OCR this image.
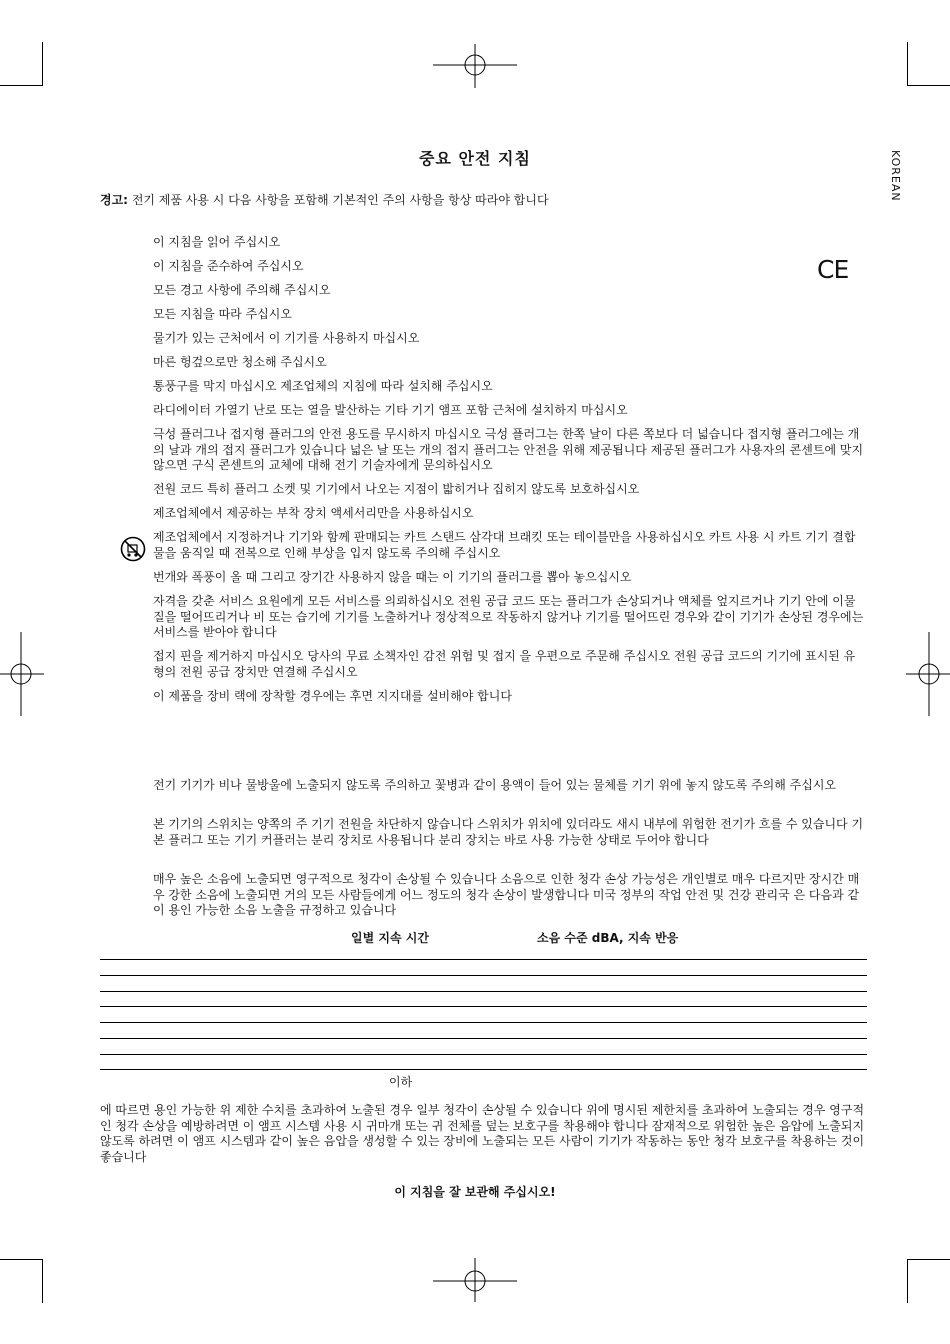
중요 안전 지침	KOREAN
경고: 전기 제품 사용 시 다음 사항을 포함해 기본적인 주의 사항을 항상 따라야 합니다
CE
이 지침을 읽어 주십시오
이 지침을 준수하여 주십시오
모든 경고 사항에 주의해 주십시오
모든 지침을 따라 주십시오
물기가 있는 근처에서 이 기기를 사용하지 마십시오
마른 헝겊으로만 청소해 주십시오
통풍구를 막지 마십시오 제조업체의 지침에 따라 설치해 주십시오
라디에이터 가열기 난로 또는 열을 발산하는 기타 기기 앰프 포함 근처에 설치하지 마십시오
극성 플러그나 접지형 플러그의 안전 용도를 무시하지 마십시오 극성 플러그는 한쪽 날이 다른 쪽보다 더 넓습니다 접지형 플러그에는 개의 날과 개의 접지 플러그가 있습니다 넓은 날 또는 개의 접지 플러그는 안전을 위해 제공됩니다 제공된 플러그가 사용자의 콘센트에 맞지 않으면 구식 콘센트의 교체에 대해 전기 기술자에게 문의하십시오
전원 코드 특히 플러그 소켓 및 기기에서 나오는 지점이 밟히거나 집히지 않도록 보호하십시오
제조업체에서 제공하는 부착 장치 액세서리만을 사용하십시오
제조업체에서 지정하거나 기기와 함께 판매되는 카트 스탠드 삼각대 브래킷 또는 테이블만을 사용하십시오 카트 사용 시 카트 기기 결합물을 움직일 때 전복으로 인해 부상을 입지 않도록 주의해 주십시오
번개와 폭풍이 올 때 그리고 장기간 사용하지 않을 때는 이 기기의 플러그를 뽑아 놓으십시오
자격을 갖춘 서비스 요원에게 모든 서비스를 의뢰하십시오 전원 공급 코드 또는 플러그가 손상되거나 액체를 엎지르거나 기기 안에 이물질을 떨어뜨리거나 비 또는 습기에 기기를 노출하거나 정상적으로 작동하지 않거나 기기를 떨어뜨린 경우와 같이 기기가 손상된 경우에는 서비스를 받아야 합니다
접지 핀을 제거하지 마십시오 당사의 무료 소책자인 감전 위험 및 접지 을 우편으로 주문해 주십시오 전원 공급 코드의 기기에 표시된 유형의 전원 공급 장치만 연결해 주십시오
이 제품을 장비 랙에 장착할 경우에는 후면 지지대를 설비해야 합니다
전기 기기가 비나 물방울에 노출되지 않도록 주의하고 꽃병과 같이 용액이 들어 있는 물체를 기기 위에 놓지 않도록 주의해 주십시오
본 기기의 스위치는 양쪽의 주 기기 전원을 차단하지 않습니다 스위치가 위치에 있더라도 새시 내부에 위험한 전기가 흐를 수 있습니다 기본 플러그 또는 기기 커플러는 분리 장치로 사용됩니다 분리 장치는 바로 사용 가능한 상태로 두어야 합니다
매우 높은 소음에 노출되면 영구적으로 청각이 손상될 수 있습니다 소음으로 인한 청각 손상 가능성은 개인별로 매우 다르지만 장시간 매우 강한 소음에 노출되면 거의 모든 사람들에게 어느 정도의 청각 손상이 발생합니다 미국 정부의 작업 안전 및 건강 관리국 은 다음과 같이 용인 가능한 소음 노출을 규정하고 있습니다
일별 지속 시간	소음 수준 dBA, 지속 반응
이하
에 따르면 용인 가능한 위 제한 수치를 초과하여 노출된 경우 일부 청각이 손상될 수 있습니다 위에 명시된 제한치를 초과하여 노출되는 경우 영구적인 청각 손상을 예방하려면 이 앰프 시스템 사용 시 귀마개 또는 귀 전체를 덮는 보호구를 착용해야 합니다 잠재적으로 위험한 높은 음압에 노출되지 않도록 하려면 이 앰프 시스템과 같이 높은 음압을 생성할 수 있는 장비에 노출되는 모든 사람이 기기가 작동하는 동안 청각 보호구를 착용하는 것이 좋습니다
이 지침을 잘 보관해 주십시오!
